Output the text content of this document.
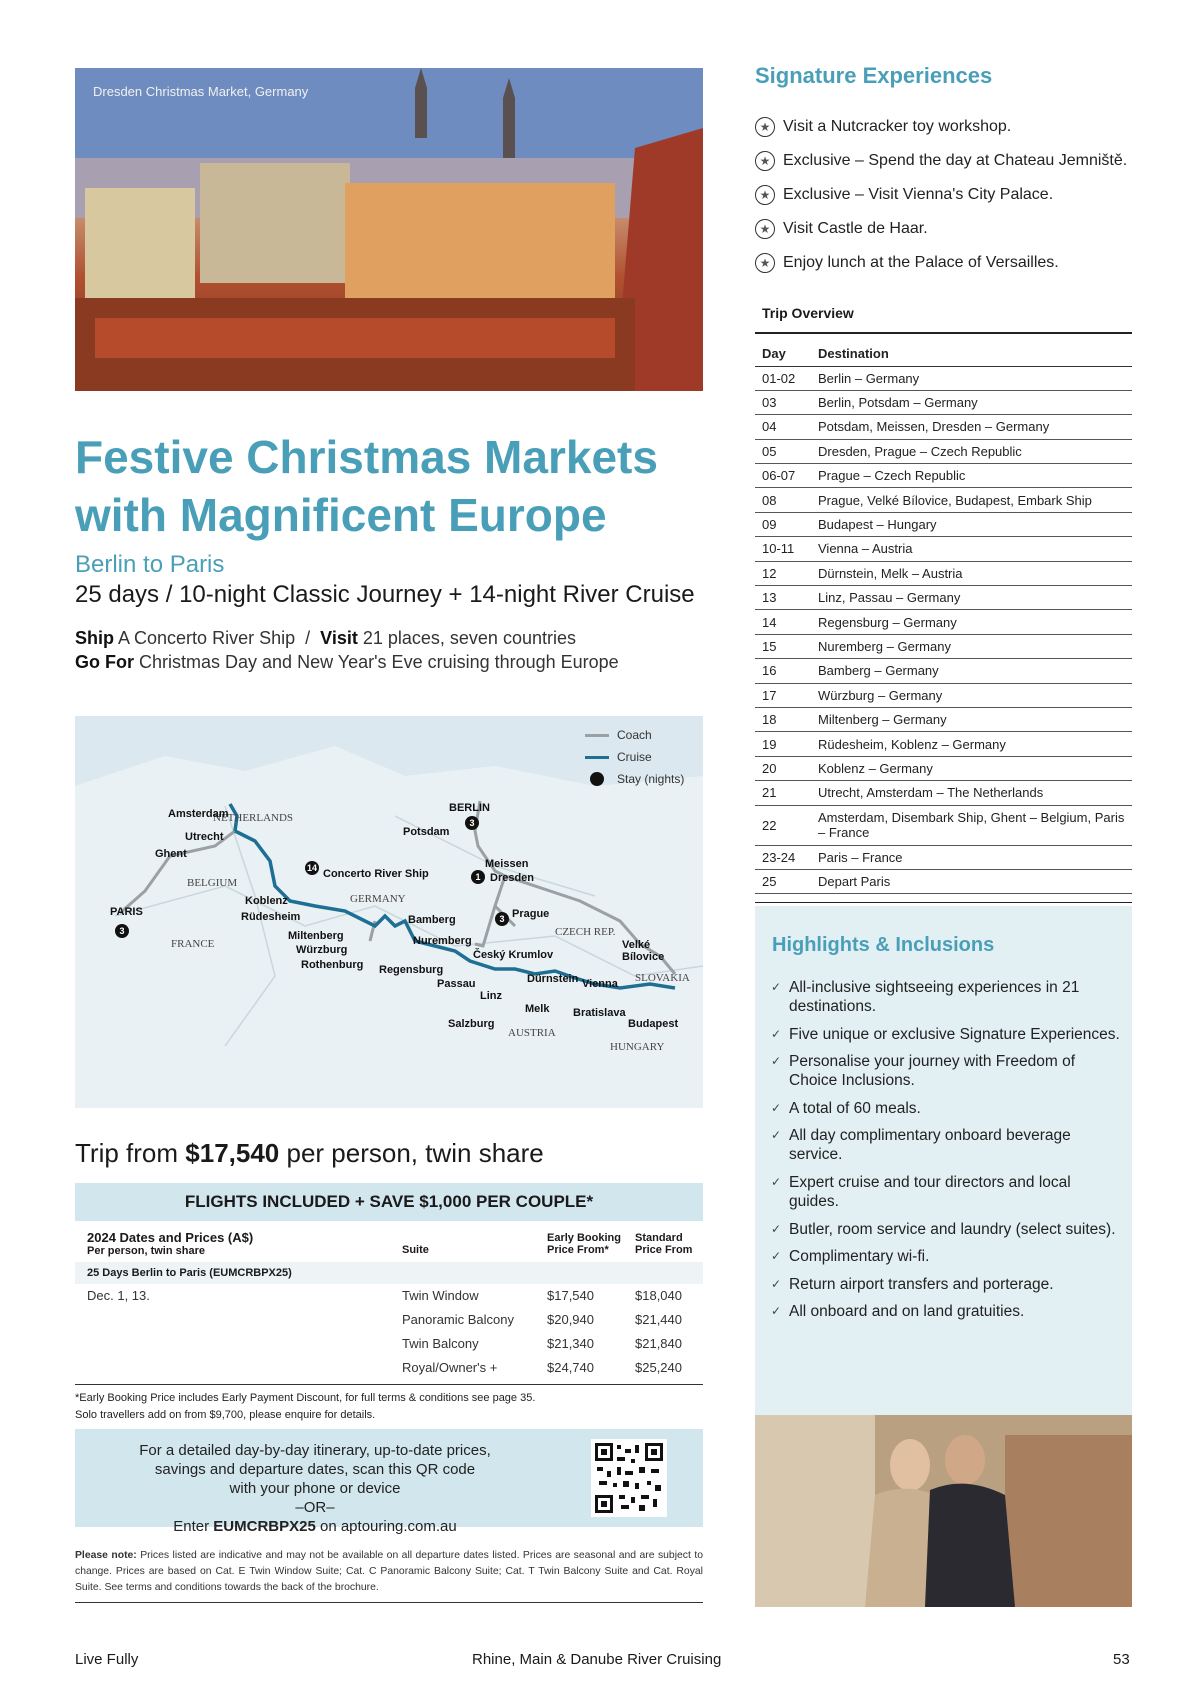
Dresden Christmas Market, Germany
Festive Christmas Markets
with Magnificent Europe
Berlin to Paris
25 days / 10-night Classic Journey + 14-night River Cruise
Ship A Concerto River Ship / Visit 21 places, seven countries
Go For Christmas Day and New Year's Eve cruising through Europe
Coach
Cruise
Stay (nights)
NETHERLANDS
BELGIUM
GERMANY
FRANCE
CZECH REP.
SLOVAKIA
AUSTRIA
HUNGARY
Amsterdam
Utrecht
Ghent
PARIS
Koblenz
Rüdesheim
Miltenberg
Würzburg
Rothenburg
Bamberg
Nuremberg
Regensburg
Passau
Linz
Salzburg
Melk
Dürnstein Vienna
Bratislava
Budapest
Český Krumlov
Prague
Meissen
Dresden
Potsdam
BERLIN
Velké Bílovice
Concerto River Ship
3
3
1
3
14
Trip from $17,540 per person, twin share
FLIGHTS INCLUDED + SAVE $1,000 PER COUPLE*
2024 Dates and Prices (A$)
Per person, twin share	Suite
Early Booking Price From*
Standard Price From
25 Days Berlin to Paris (EUMCRBPX25)
Dec. 1, 13.	Twin Window	$17,540	$18,040
Panoramic Balcony	$20,940	$21,440
Twin Balcony	$21,340	$21,840
Royal/Owner's +	$24,740	$25,240
*Early Booking Price includes Early Payment Discount, for full terms & conditions see page 35.
Solo travellers add on from $9,700, please enquire for details.
For a detailed day-by-day itinerary, up-to-date prices,
savings and departure dates, scan this QR code
with your phone or device
–OR–
Enter EUMCRBPX25 on aptouring.com.au
Please note: Prices listed are indicative and may not be available on all departure dates listed. Prices are seasonal and are subject to change. Prices are based on Cat. E Twin Window Suite; Cat. C Panoramic Balcony Suite; Cat. T Twin Balcony Suite and Cat. Royal Suite. See terms and conditions towards the back of the brochure.
Signature Experiences
★ Visit a Nutcracker toy workshop.
★ Exclusive – Spend the day at Chateau Jemniště.
★ Exclusive – Visit Vienna's City Palace.
★ Visit Castle de Haar.
★ Enjoy lunch at the Palace of Versailles.
Trip Overview
Day	Destination
01-02	Berlin – Germany
03	Berlin, Potsdam – Germany
04	Potsdam, Meissen, Dresden – Germany
05	Dresden, Prague – Czech Republic
06-07	Prague – Czech Republic
08	Prague, Velké Bílovice, Budapest, Embark Ship
09	Budapest – Hungary
10-11	Vienna – Austria
12	Dürnstein, Melk – Austria
13	Linz, Passau – Germany
14	Regensburg – Germany
15	Nuremberg – Germany
16	Bamberg – Germany
17	Würzburg – Germany
18	Miltenberg – Germany
19	Rüdesheim, Koblenz – Germany
20	Koblenz – Germany
21	Utrecht, Amsterdam – The Netherlands
22	Amsterdam, Disembark Ship, Ghent – Belgium, Paris – France
23-24	Paris – France
25	Depart Paris
Highlights & Inclusions
✓ All-inclusive sightseeing experiences in 21 destinations.
✓ Five unique or exclusive Signature Experiences.
✓ Personalise your journey with Freedom of Choice Inclusions.
✓ A total of 60 meals.
✓ All day complimentary onboard beverage service.
✓ Expert cruise and tour directors and local guides.
✓ Butler, room service and laundry (select suites).
✓ Complimentary wi-fi.
✓ Return airport transfers and porterage.
✓ All onboard and on land gratuities.
Live Fully	Rhine, Main & Danube River Cruising	53
